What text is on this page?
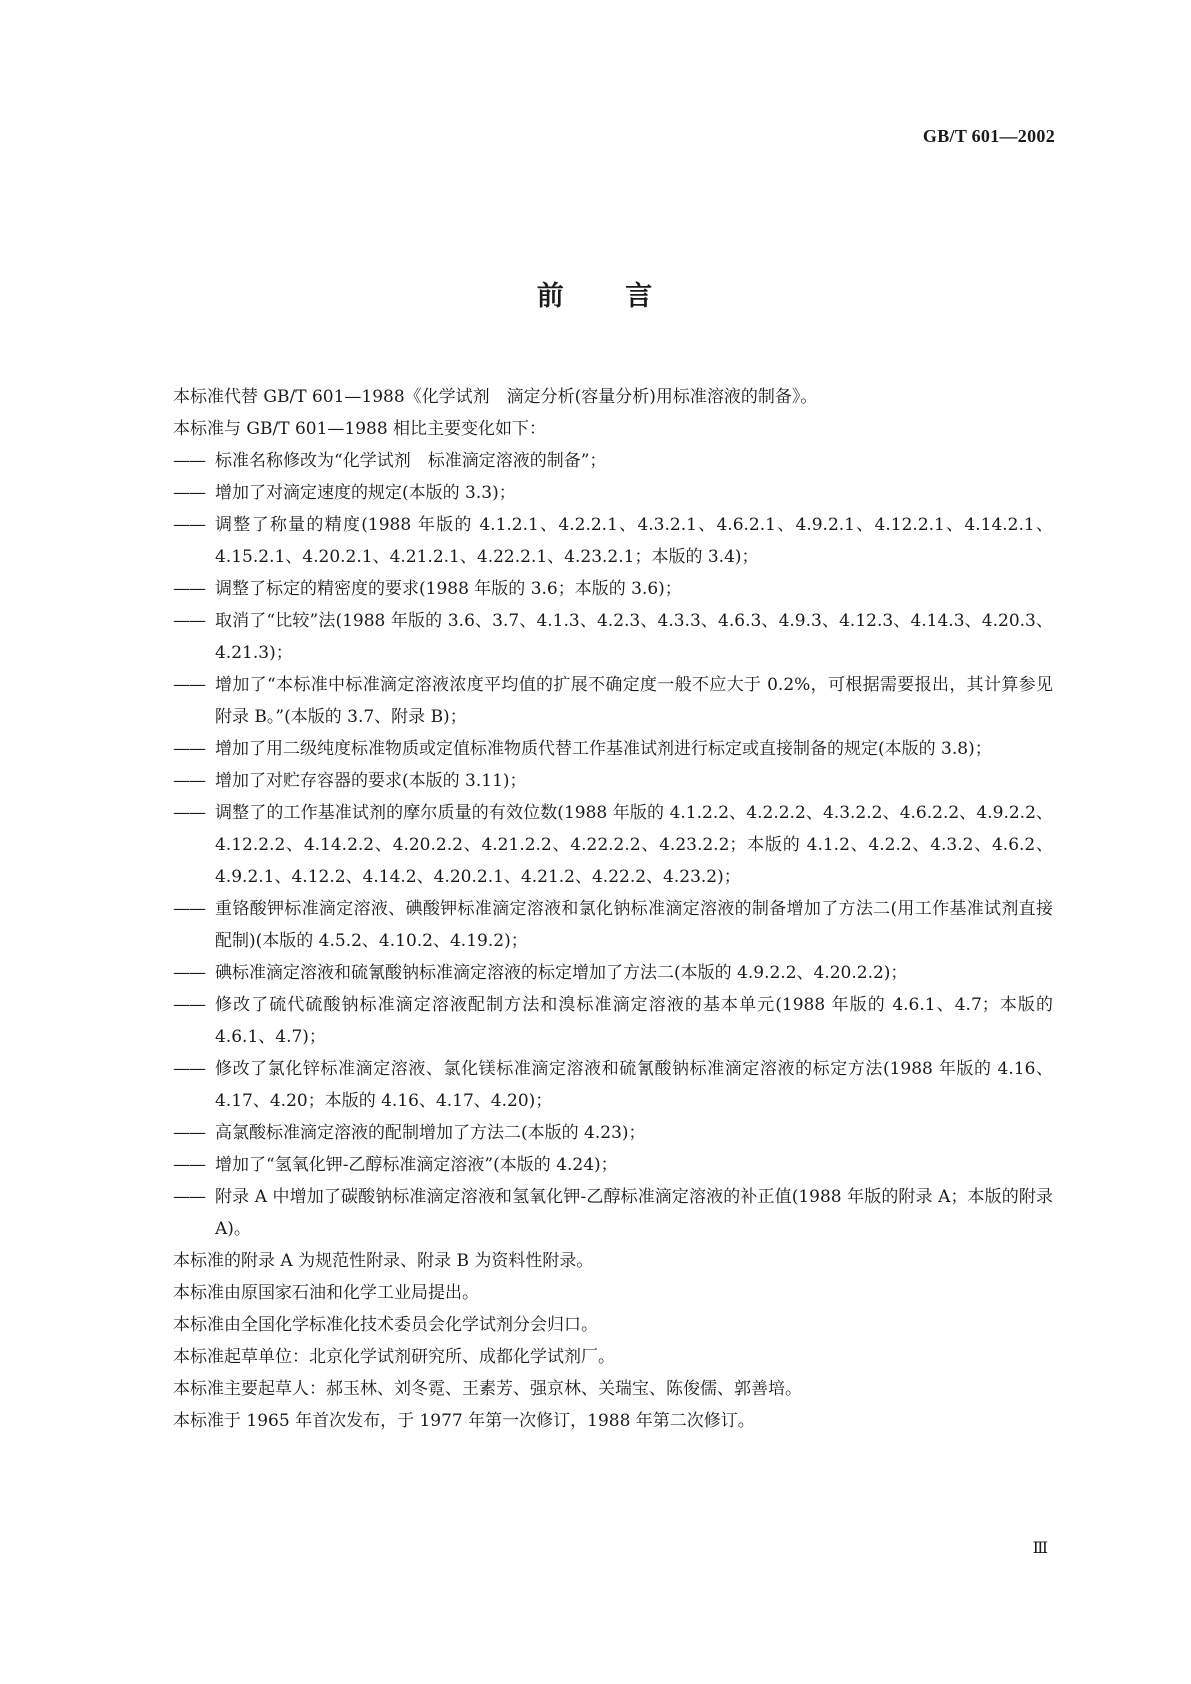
GB/T 601—2002
前 言

本标准代替 GB/T 601—1988《化学试剂　滴定分析(容量分析)用标准溶液的制备》。

本标准与 GB/T 601—1988 相比主要变化如下：

—— 标准名称修改为“化学试剂　标准滴定溶液的制备”；
—— 增加了对滴定速度的规定(本版的 3.3)；
—— 调整了称量的精度(1988 年版的 4.1.2.1、4.2.2.1、4.3.2.1、4.6.2.1、4.9.2.1、4.12.2.1、4.14.2.1、4.15.2.1、4.20.2.1、4.21.2.1、4.22.2.1、4.23.2.1；本版的 3.4)；
—— 调整了标定的精密度的要求(1988 年版的 3.6；本版的 3.6)；
—— 取消了“比较”法(1988 年版的 3.6、3.7、4.1.3、4.2.3、4.3.3、4.6.3、4.9.3、4.12.3、4.14.3、4.20.3、4.21.3)；
—— 增加了“本标准中标准滴定溶液浓度平均值的扩展不确定度一般不应大于 0.2%，可根据需要报出，其计算参见附录 B。”(本版的 3.7、附录 B)；
—— 增加了用二级纯度标准物质或定值标准物质代替工作基准试剂进行标定或直接制备的规定(本版的 3.8)；
—— 增加了对贮存容器的要求(本版的 3.11)；
—— 调整了的工作基准试剂的摩尔质量的有效位数(1988 年版的 4.1.2.2、4.2.2.2、4.3.2.2、4.6.2.2、4.9.2.2、4.12.2.2、4.14.2.2、4.20.2.2、4.21.2.2、4.22.2.2、4.23.2.2；本版的 4.1.2、4.2.2、4.3.2、4.6.2、4.9.2.1、4.12.2、4.14.2、4.20.2.1、4.21.2、4.22.2、4.23.2)；
—— 重铬酸钾标准滴定溶液、碘酸钾标准滴定溶液和氯化钠标准滴定溶液的制备增加了方法二(用工作基准试剂直接配制)(本版的 4.5.2、4.10.2、4.19.2)；
—— 碘标准滴定溶液和硫氰酸钠标准滴定溶液的标定增加了方法二(本版的 4.9.2.2、4.20.2.2)；
—— 修改了硫代硫酸钠标准滴定溶液配制方法和溴标准滴定溶液的基本单元(1988 年版的 4.6.1、4.7；本版的 4.6.1、4.7)；
—— 修改了氯化锌标准滴定溶液、氯化镁标准滴定溶液和硫氰酸钠标准滴定溶液的标定方法(1988 年版的 4.16、4.17、4.20；本版的 4.16、4.17、4.20)；
—— 高氯酸标准滴定溶液的配制增加了方法二(本版的 4.23)；
—— 增加了“氢氧化钾-乙醇标准滴定溶液”(本版的 4.24)；
—— 附录 A 中增加了碳酸钠标准滴定溶液和氢氧化钾-乙醇标准滴定溶液的补正值(1988 年版的附录 A；本版的附录 A)。

本标准的附录 A 为规范性附录、附录 B 为资料性附录。

本标准由原国家石油和化学工业局提出。

本标准由全国化学标准化技术委员会化学试剂分会归口。

本标准起草单位：北京化学试剂研究所、成都化学试剂厂。

本标准主要起草人：郝玉林、刘冬霓、王素芳、强京林、关瑞宝、陈俊儒、郭善培。

本标准于 1965 年首次发布，于 1977 年第一次修订，1988 年第二次修订。

Ⅲ
